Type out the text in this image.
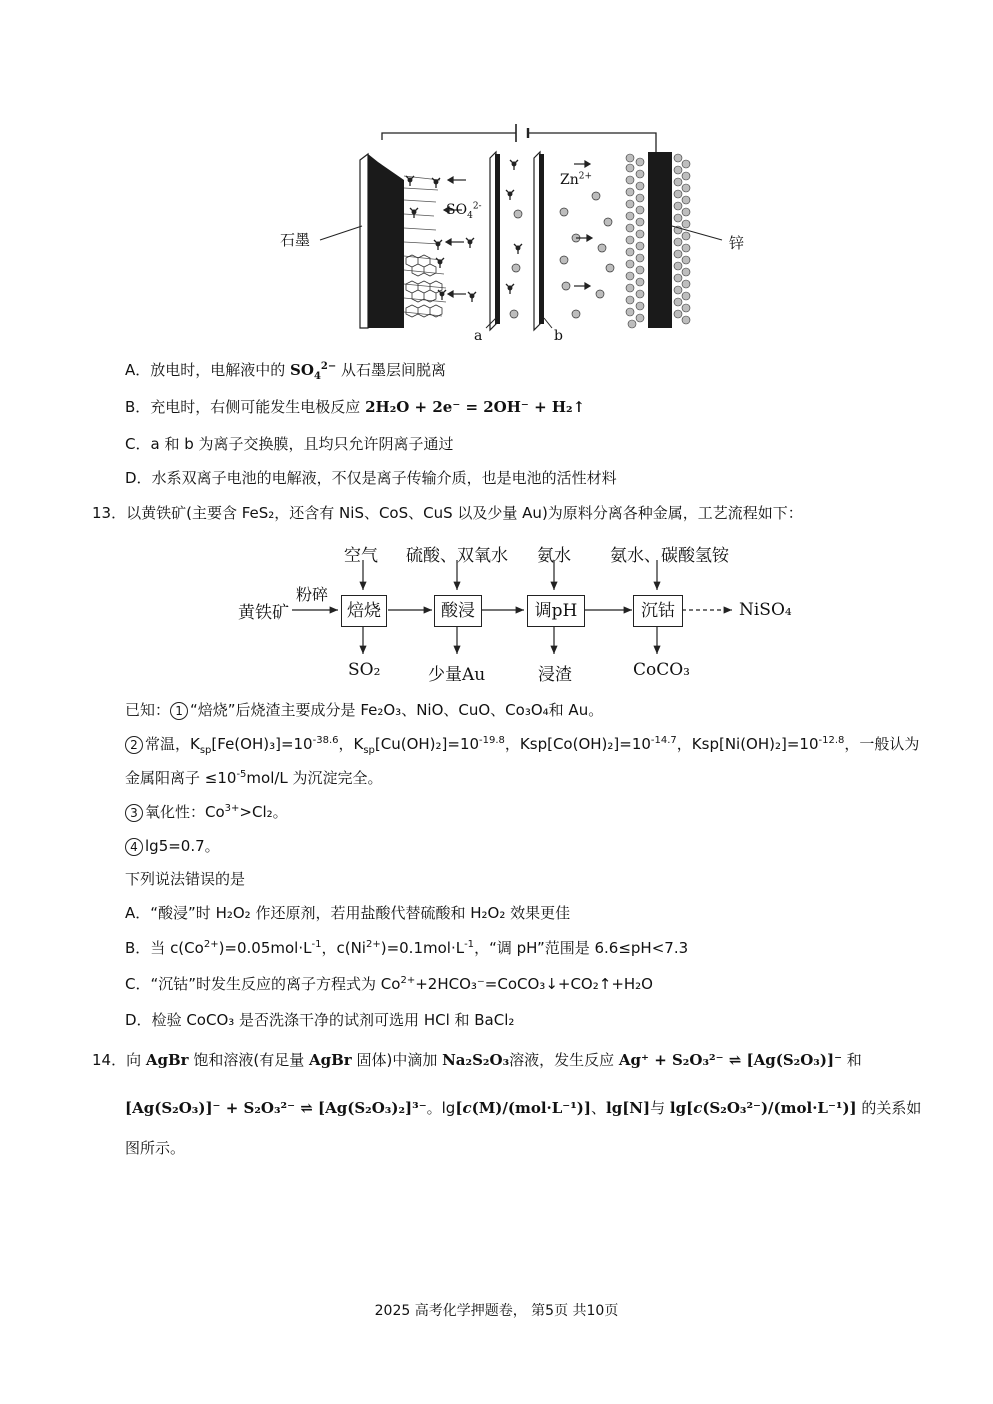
石墨	锌
$Zn^{2+}$
$SO_4^{2-}$
a	b
A．放电时，电解液中的 $SO_4^{2-}$ 从石墨层间脱离
B．充电时，右侧可能发生电极反应 2H₂O + 2e⁻ = 2OH⁻ + H₂↑
C．a 和 b 为离子交换膜，且均只允许阴离子通过
D．水系双离子电池的电解液，不仅是离子传输介质，也是电池的活性材料
13．以黄铁矿(主要含 FeS₂，还含有 NiS、CoS、CuS 以及少量 Au)为原料分离各种金属，工艺流程如下：
焙烧	酸浸	调pH	沉钴
黄铁矿
粉碎
NiSO₄
空气 硫酸、双氧水 氨水 氨水、碳酸氢铵
SO₂	少量Au	浸渣	CoCO₃
已知： 1 “焙烧”后烧渣主要成分是 Fe₂O₃、NiO、CuO、Co₃O₄和 Au。
2 常温，$K_{sp}[Fe(OH)_3]=10^{-38.6}$，$K_{sp}[Cu(OH)_2]=10^{-19.8}$，$Ksp[Co(OH)_2]=10^{-14.7}$，$Ksp[Ni(OH)_2]=10^{-12.8}$，一般认为
金属阳离子 $\le 10^{-5}mol/L$ 为沉淀完全。
3 氧化性：$Co^{3+}>Cl_2$。
4 lg5=0.7。
下列说法错误的是
A．“酸浸”时 H₂O₂ 作还原剂，若用盐酸代替硫酸和 H₂O₂ 效果更佳
B．当 $c(Co^{2+})=0.05mol\cdot L^{-1}$，$c(Ni^{2+})=0.1mol\cdot L^{-1}$，“调 pH”范围是 6.6≤pH<7.3
C．“沉钴”时发生反应的离子方程式为 $Co^{2+}+2HCO_3^-=CoCO_3↓+CO_2↑+H_2O$
D．检验 CoCO₃ 是否洗涤干净的试剂可选用 HCl 和 BaCl₂
14．向 AgBr 饱和溶液(有足量 AgBr 固体)中滴加 Na₂S₂O₃溶液，发生反应 Ag⁺ + S₂O₃²⁻ ⇌ [Ag(S₂O₃)]⁻ 和
[Ag(S₂O₃)]⁻ + S₂O₃²⁻ ⇌ [Ag(S₂O₃)₂]³⁻。lg[c(M)/(mol·L⁻¹)]、lg[N]与 lg[c(S₂O₃²⁻)/(mol·L⁻¹)] 的关系如
图所示。
2025 高考化学押题卷， 第5页 共10页
